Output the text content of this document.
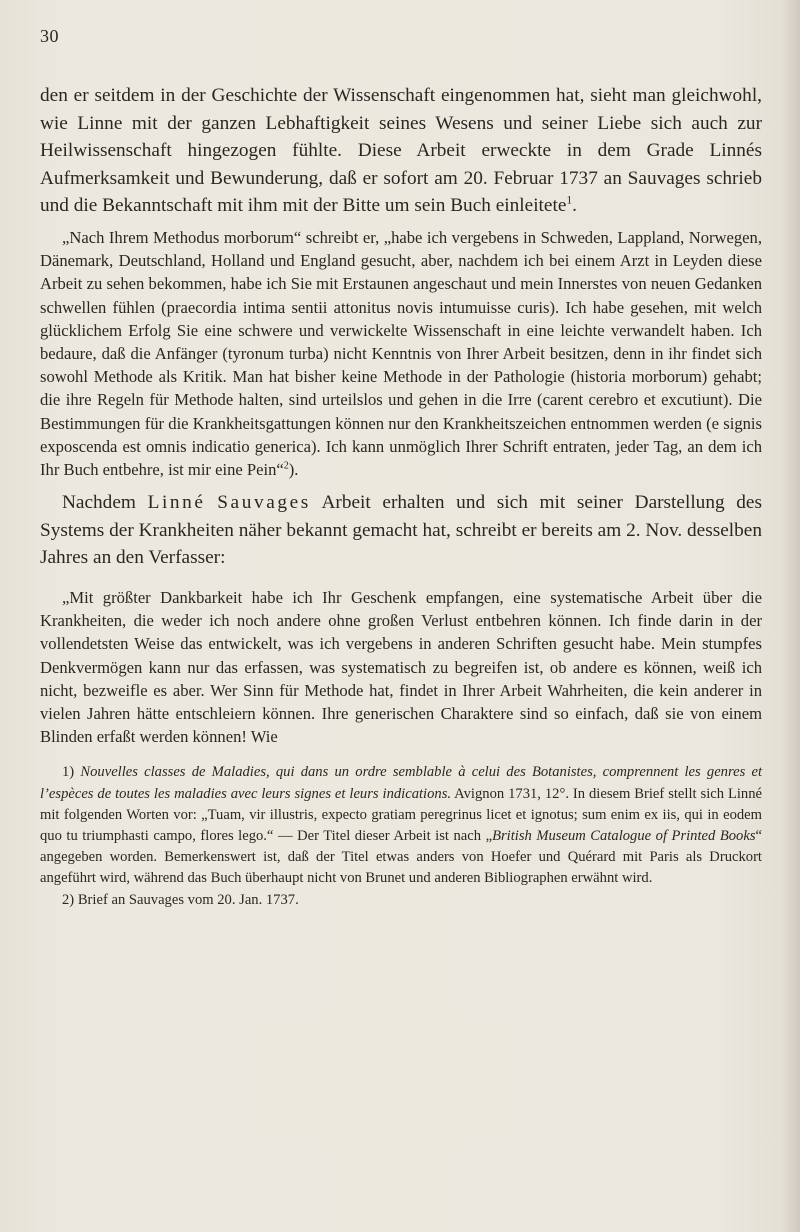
30

den er seitdem in der Geschichte der Wissenschaft eingenommen hat, sieht man gleichwohl, wie Linne mit der ganzen Lebhaftigkeit seines Wesens und seiner Liebe sich auch zur Heilwissenschaft hingezogen fühlte. Diese Arbeit erweckte in dem Grade Linnés Aufmerksamkeit und Bewunderung, daß er sofort am 20. Februar 1737 an Sauvages schrieb und die Bekanntschaft mit ihm mit der Bitte um sein Buch einleitete$^1$.

„Nach Ihrem Methodus morborum“ schreibt er, „habe ich vergebens in Schweden, Lappland, Norwegen, Dänemark, Deutschland, Holland und England gesucht, aber, nachdem ich bei einem Arzt in Leyden diese Arbeit zu sehen bekommen, habe ich Sie mit Erstaunen angeschaut und mein Innerstes von neuen Gedanken schwellen fühlen (praecordia intima sentii attonitus novis intumuisse curis). Ich habe gesehen, mit welch glücklichem Erfolg Sie eine schwere und verwickelte Wissenschaft in eine leichte verwandelt haben. Ich bedaure, daß die Anfänger (tyronum turba) nicht Kenntnis von Ihrer Arbeit besitzen, denn in ihr findet sich sowohl Methode als Kritik. Man hat bisher keine Methode in der Pathologie (historia morborum) gehabt; die ihre Regeln für Methode halten, sind urteilslos und gehen in die Irre (carent cerebro et excutiunt). Die Bestimmungen für die Krankheitsgattungen können nur den Krankheitszeichen entnommen werden (e signis exposcenda est omnis indicatio generica). Ich kann unmöglich Ihrer Schrift entraten, jeder Tag, an dem ich Ihr Buch entbehre, ist mir eine Pein“$^2$).

Nachdem Linné Sauvages Arbeit erhalten und sich mit seiner Darstellung des Systems der Krankheiten näher bekannt gemacht hat, schreibt er bereits am 2. Nov. desselben Jahres an den Verfasser:

„Mit größter Dankbarkeit habe ich Ihr Geschenk empfangen, eine systematische Arbeit über die Krankheiten, die weder ich noch andere ohne großen Verlust entbehren können. Ich finde darin in der vollendetsten Weise das entwickelt, was ich vergebens in anderen Schriften gesucht habe. Mein stumpfes Denkvermögen kann nur das erfassen, was systematisch zu begreifen ist, ob andere es können, weiß ich nicht, bezweifle es aber. Wer Sinn für Methode hat, findet in Ihrer Arbeit Wahrheiten, die kein anderer in vielen Jahren hätte entschleiern können. Ihre generischen Charaktere sind so einfach, daß sie von einem Blinden erfaßt werden können! Wie

1) Nouvelles classes de Maladies, qui dans un ordre semblable à celui des Botanistes, comprennent les genres et l’espèces de toutes les maladies avec leurs signes et leurs indications. Avignon 1731, 12°. In diesem Brief stellt sich Linné mit folgenden Worten vor: „Tuam, vir illustris, expecto gratiam peregrinus licet et ignotus; sum enim ex iis, qui in eodem quo tu triumphasti campo, flores lego.“ — Der Titel dieser Arbeit ist nach „British Museum Catalogue of Printed Books“ angegeben worden. Bemerkenswert ist, daß der Titel etwas anders von Hoefer und Quérard mit Paris als Druckort angeführt wird, während das Buch überhaupt nicht von Brunet und anderen Bibliographen erwähnt wird.

2) Brief an Sauvages vom 20. Jan. 1737.
